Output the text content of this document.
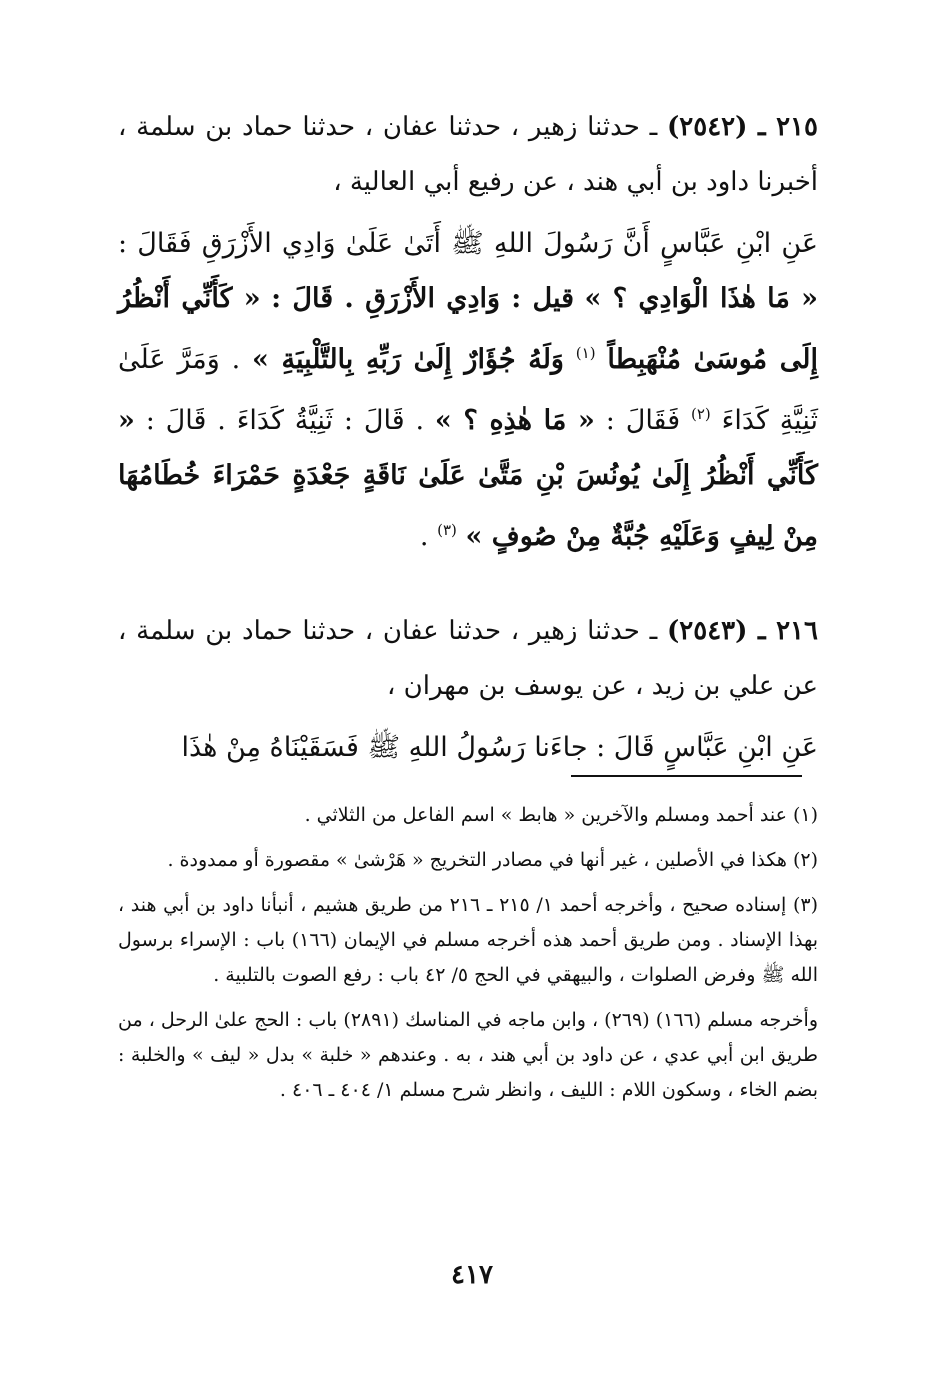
٢١٥ ـ (٢٥٤٢) ـ حدثنا زهير ، حدثنا عفان ، حدثنا حماد بن سلمة ، أخبرنا داود بن أبي هند ، عن رفيع أبي العالية ،

عَنِ ابْنِ عَبَّاسٍ أَنَّ رَسُولَ اللهِ ﷺ أَتَىٰ عَلَىٰ وَادِي الأَزْرَقِ فَقَالَ : « مَا هٰذَا الْوَادِي ؟ » قيل : وَادِي الأَزْرَقِ . قَالَ : « كَأَنِّي أَنْظُرُ إِلَى مُوسَىٰ مُنْهَبِطاً $^{(١)}$ وَلَهُ جُؤَارٌ إِلَىٰ رَبِّهِ بِالتَّلْبِيَةِ » . وَمَرَّ عَلَىٰ ثَنِيَّةِ كَدَاءَ $^{(٢)}$ فَقَالَ : « مَا هٰذِهِ ؟ » . قَالَ : ثَنِيَّةُ كَدَاءَ . قَالَ : « كَأَنِّي أَنْظُرُ إِلَىٰ يُونُسَ بْنِ مَتَّىٰ عَلَىٰ نَاقَةٍ جَعْدَةٍ حَمْرَاءَ خُطَامُهَا مِنْ لِيفٍ وَعَلَيْهِ جُبَّةٌ مِنْ صُوفٍ » $^{(٣)}$ .

٢١٦ ـ (٢٥٤٣) ـ حدثنا زهير ، حدثنا عفان ، حدثنا حماد بن سلمة ، عن علي بن زيد ، عن يوسف بن مهران ،

عَنِ ابْنِ عَبَّاسٍ قَالَ : جاءَنا رَسُولُ اللهِ ﷺ فَسَقَيْنَاهُ مِنْ هٰذَا

(١) عند أحمد ومسلم والآخرين « هابط » اسم الفاعل من الثلاثي .

(٢) هكذا في الأصلين ، غير أنها في مصادر التخريج « هَرْشىٰ » مقصورة أو ممدودة .

(٣) إسناده صحيح ، وأخرجه أحمد ١/ ٢١٥ ـ ٢١٦ من طريق هشيم ، أنبأنا داود بن أبي هند ، بهذا الإسناد . ومن طريق أحمد هذه أخرجه مسلم في الإيمان (١٦٦) باب : الإسراء برسول الله ﷺ وفرض الصلوات ، والبيهقي في الحج ٥/ ٤٢ باب : رفع الصوت بالتلبية .

وأخرجه مسلم (١٦٦) (٢٦٩) ، وابن ماجه في المناسك (٢٨٩١) باب : الحج علىٰ الرحل ، من طريق ابن أبي عدي ، عن داود بن أبي هند ، به . وعندهم « خلبة » بدل « ليف » والخلبة : بضم الخاء ، وسكون اللام : الليف ، وانظر شرح مسلم ١/ ٤٠٤ ـ ٤٠٦ .

٤١٧
